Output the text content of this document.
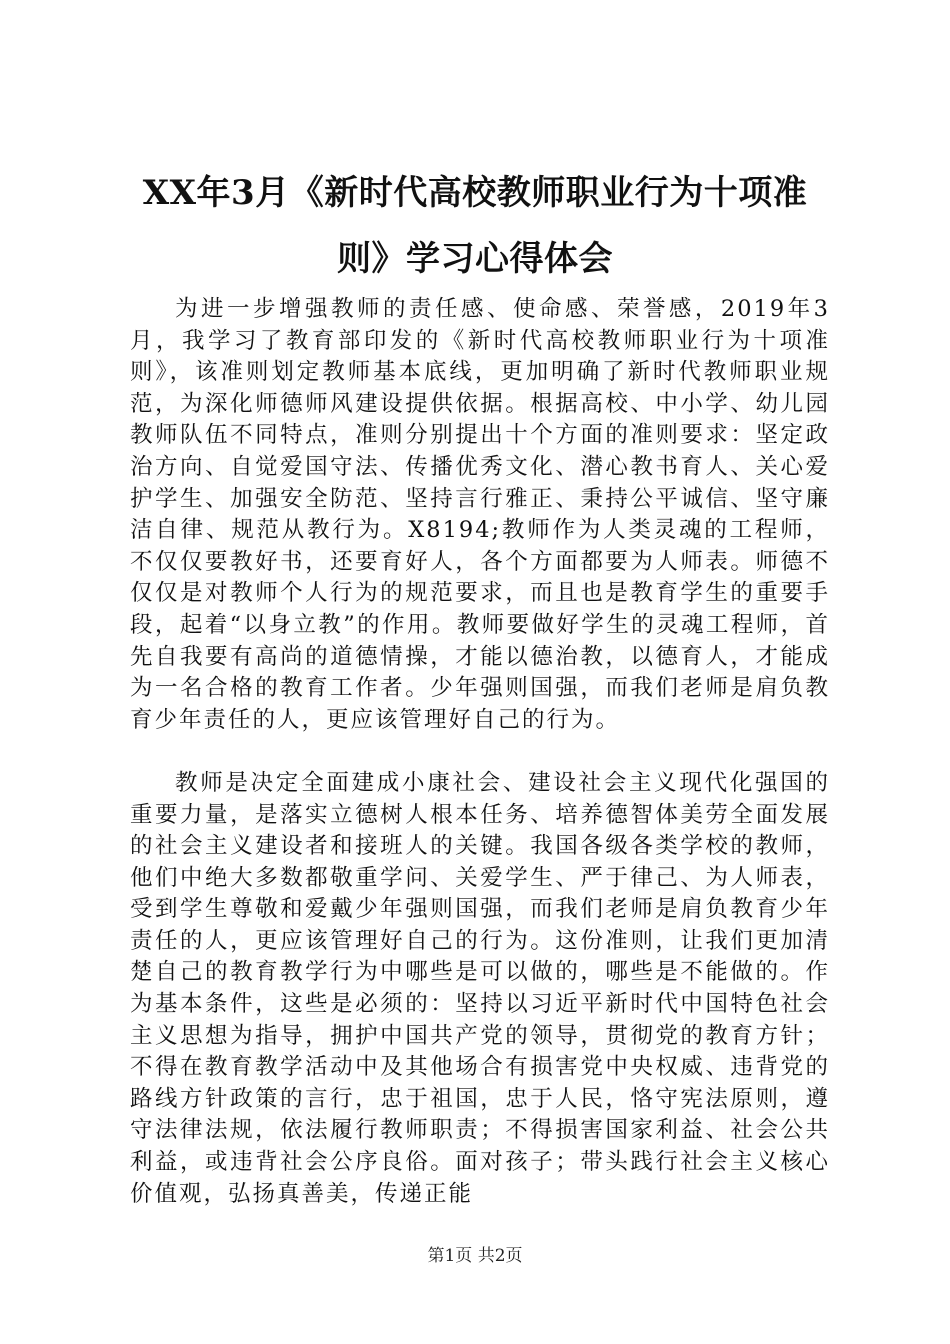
XX年3月《新时代高校教师职业行为十项准则》学习心得体会

为进一步增强教师的责任感、使命感、荣誉感，2019年3月，我学习了教育部印发的《新时代高校教师职业行为十项准则》，该准则划定教师基本底线，更加明确了新时代教师职业规范，为深化师德师风建设提供依据。根据高校、中小学、幼儿园教师队伍不同特点，准则分别提出十个方面的准则要求：坚定政治方向、自觉爱国守法、传播优秀文化、潜心教书育人、关心爱护学生、加强安全防范、坚持言行雅正、秉持公平诚信、坚守廉洁自律、规范从教行为。X8194;教师作为人类灵魂的工程师，不仅仅要教好书，还要育好人，各个方面都要为人师表。师德不仅仅是对教师个人行为的规范要求，而且也是教育学生的重要手段，起着“以身立教”的作用。教师要做好学生的灵魂工程师，首先自我要有高尚的道德情操，才能以德治教，以德育人，才能成为一名合格的教育工作者。少年强则国强，而我们老师是肩负教育少年责任的人，更应该管理好自己的行为。

教师是决定全面建成小康社会、建设社会主义现代化强国的重要力量，是落实立德树人根本任务、培养德智体美劳全面发展的社会主义建设者和接班人的关键。我国各级各类学校的教师，他们中绝大多数都敬重学问、关爱学生、严于律己、为人师表，受到学生尊敬和爱戴少年强则国强，而我们老师是肩负教育少年责任的人，更应该管理好自己的行为。这份准则，让我们更加清楚自己的教育教学行为中哪些是可以做的，哪些是不能做的。作为基本条件，这些是必须的：坚持以习近平新时代中国特色社会主义思想为指导，拥护中国共产党的领导，贯彻党的教育方针；不得在教育教学活动中及其他场合有损害党中央权威、违背党的路线方针政策的言行，忠于祖国，忠于人民，恪守宪法原则，遵守法律法规，依法履行教师职责；不得损害国家利益、社会公共利益，或违背社会公序良俗。面对孩子；带头践行社会主义核心价值观，弘扬真善美，传递正能

第1页 共2页
